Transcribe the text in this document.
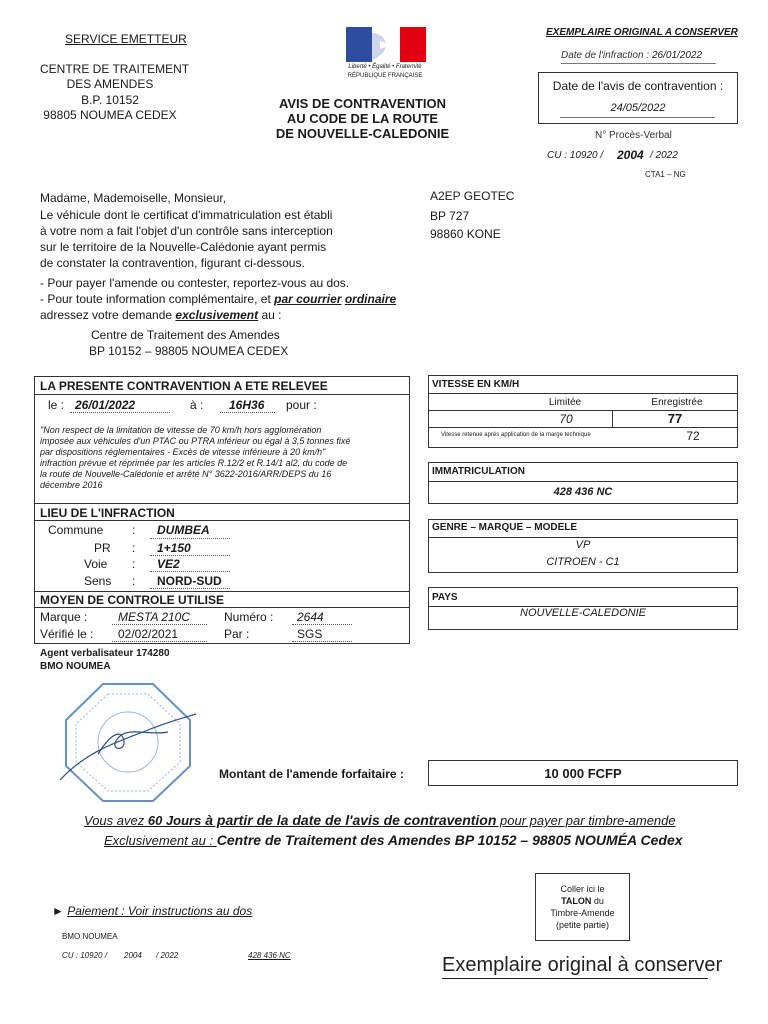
SERVICE EMETTEUR
CENTRE DE TRAITEMENT
DES AMENDES
B.P. 10152
98805 NOUMEA CEDEX
Liberté • Égalité • Fraternité
RÉPUBLIQUE FRANÇAISE
AVIS DE CONTRAVENTION
AU CODE DE LA ROUTE
DE NOUVELLE-CALEDONIE
EXEMPLAIRE ORIGINAL A CONSERVER
Date de l'infraction : 26/01/2022
Date de l'avis de contravention :
24/05/2022
N° Procès-Verbal
CU : 10920 / 2004 / 2022
CTA1 – NG
Madame, Mademoiselle, Monsieur,
Le véhicule dont le certificat d'immatriculation est établi
à votre nom a fait l'objet d'un contrôle sans interception
sur le territoire de la Nouvelle-Calédonie ayant permis
de constater la contravention, figurant ci-dessous.
- Pour payer l'amende ou contester, reportez-vous au dos.
- Pour toute information complémentaire, et par courrier ordinaire
adressez votre demande exclusivement au :
Centre de Traitement des Amendes
BP 10152 – 98805 NOUMEA CEDEX
A2EP GEOTEC
BP 727
98860 KONE
LA PRESENTE CONTRAVENTION A ETE RELEVEE
le : 26/01/2022	à : 16H36 pour :
"Non respect de la limitation de vitesse de 70 km/h hors agglomération
imposée aux véhicules d'un PTAC ou PTRA inférieur ou égal à 3,5 tonnes fixé
par dispositions réglementaires - Excès de vitesse inférieure à 20 km/h"
infraction prévue et réprimée par les articles R.12/2 et R.14/1 al2, du code de
la route de Nouvelle-Calédonie et arrêté N° 3622-2016/ARR/DEPS du 16
décembre 2016
LIEU DE L'INFRACTION
Commune : DUMBEA
PR : 1+150
Voie : VE2
Sens : NORD-SUD
MOYEN DE CONTROLE UTILISE
Marque :	MESTA 210C	Numéro : 2644
Vérifié le : 02/02/2021	Par :	SGS
Agent verbalisateur 174280
BMO NOUMEA
VITESSE EN KM/H
Limitée	Enregistrée
70	77
Vitesse retenue après application de la marge technique	72
IMMATRICULATION
428 436 NC
GENRE – MARQUE – MODELE
VP
CITROEN - C1
PAYS
NOUVELLE-CALEDONIE
Montant de l'amende forfaitaire :	10 000 FCFP
Vous avez 60 Jours à partir de la date de l'avis de contravention pour payer par timbre-amende
Exclusivement au : Centre de Traitement des Amendes BP 10152 – 98805 NOUMÉA Cedex
Coller ici le
TALON du
Timbre-Amende
(petite partie)
► Paiement : Voir instructions au dos
BMO NOUMEA
CU : 10920 / 2004 / 2022	428 436 NC	Exemplaire original à conserver
